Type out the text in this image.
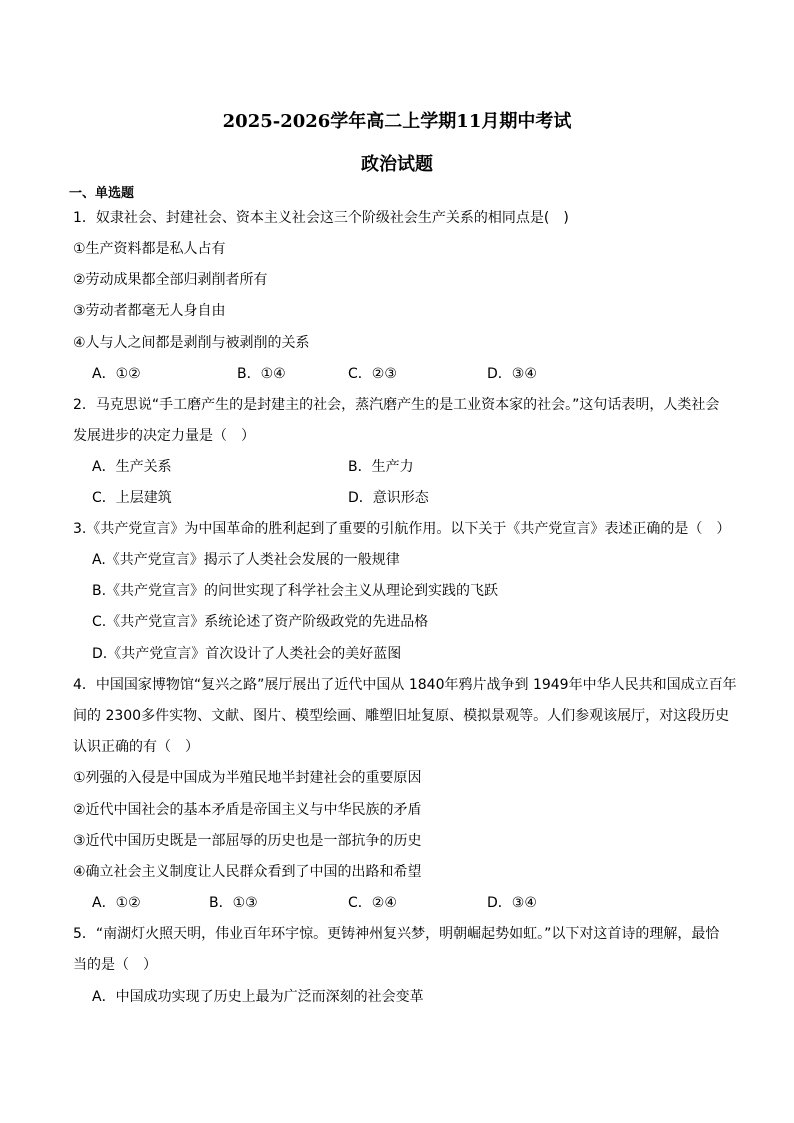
2025-2026学年高二上学期11月期中考试
政治试题
一、单选题
1．奴隶社会、封建社会、资本主义社会这三个阶级社会生产关系的相同点是(　)
①生产资料都是私人占有
②劳动成果都全部归剥削者所有
③劳动者都毫无人身自由
④人与人之间都是剥削与被剥削的关系
A．①②	B．①④	C．②③	D．③④
2．马克思说“手工磨产生的是封建主的社会，蒸汽磨产生的是工业资本家的社会。”这句话表明，人类社会
发展进步的决定力量是（　）
A．生产关系	B．生产力
C．上层建筑	D．意识形态
3.《共产党宣言》为中国革命的胜利起到了重要的引航作用。以下关于《共产党宣言》表述正确的是（　）
A.《共产党宣言》揭示了人类社会发展的一般规律
B.《共产党宣言》的问世实现了科学社会主义从理论到实践的飞跃
C.《共产党宣言》系统论述了资产阶级政党的先进品格
D.《共产党宣言》首次设计了人类社会的美好蓝图
4．中国国家博物馆“复兴之路”展厅展出了近代中国从 1840年鸦片战争到 1949年中华人民共和国成立百年
间的 2300多件实物、文献、图片、模型绘画、雕塑旧址复原、模拟景观等。人们参观该展厅，对这段历史
认识正确的有（　）
①列强的入侵是中国成为半殖民地半封建社会的重要原因
②近代中国社会的基本矛盾是帝国主义与中华民族的矛盾
③近代中国历史既是一部屈辱的历史也是一部抗争的历史
④确立社会主义制度让人民群众看到了中国的出路和希望
A．①②	B．①③	C．②④	D．③④
5．“南湖灯火照天明，伟业百年环宇惊。更铸神州复兴梦，明朝崛起势如虹。”以下对这首诗的理解，最恰
当的是（　）
A．中国成功实现了历史上最为广泛而深刻的社会变革
